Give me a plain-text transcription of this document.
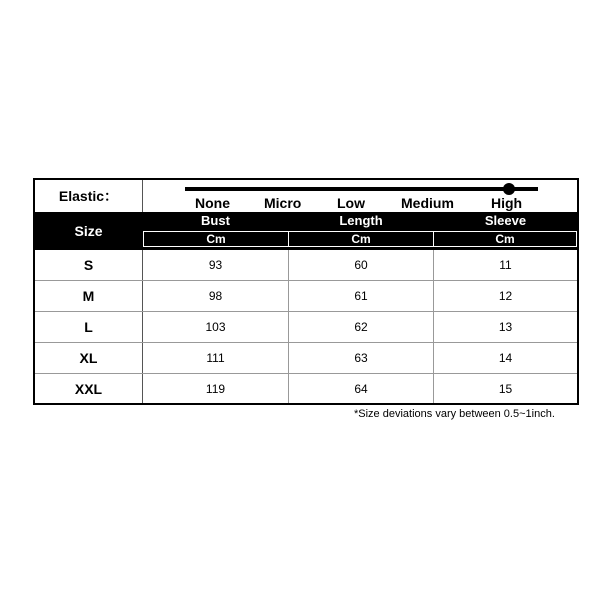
Elastic：	None Micro	Low	Medium	High
Size
Bust	Length	Sleeve
Cm	Cm	Cm
S	93	60	11
M	98	61	12
L	103	62	13
XL	111	63	14
XXL	119	64	15
*Size deviations vary between 0.5~1inch.
